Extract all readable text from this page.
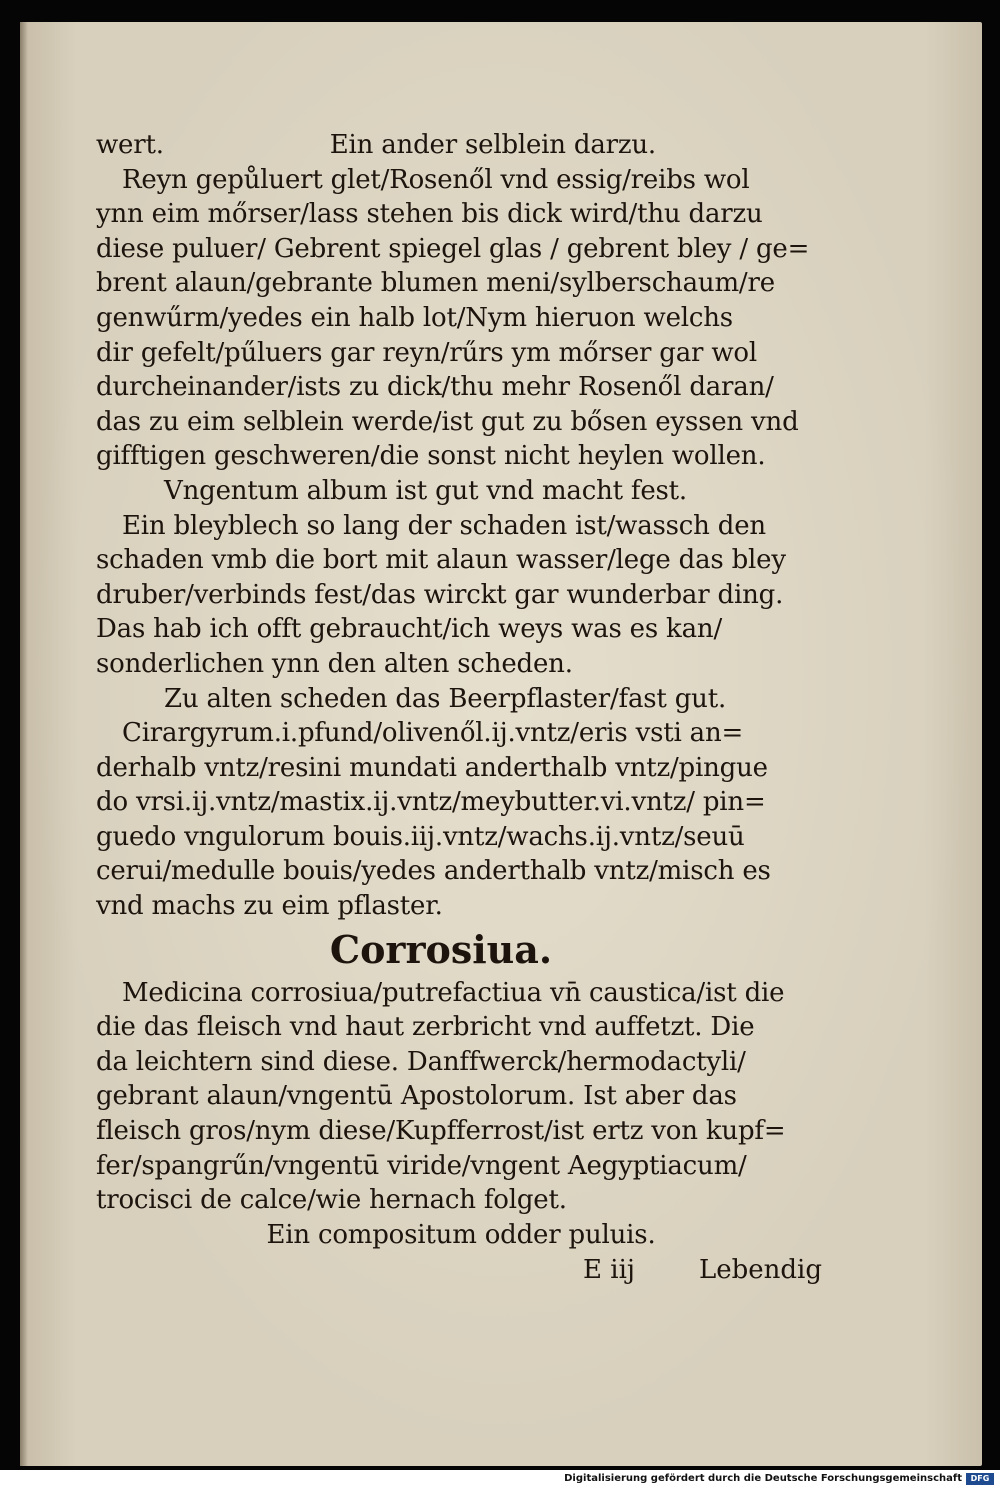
wert.	Ein ander selblein darzu.
Reyn gepůluert glet/Rosenől vnd essig/reibs wol
ynn eim mőrser/lass stehen bis dick wird/thu darzu
diese puluer/ Gebrent spiegel glas / gebrent bley / ge=
brent alaun/gebrante blumen meni/sylberschaum/re
genwűrm/yedes ein halb lot/Nym hieruon welchs
dir gefelt/pűluers gar reyn/rűrs ym mőrser gar wol
durcheinander/ists zu dick/thu mehr Rosenől daran/
das zu eim selblein werde/ist gut zu bősen eyssen vnd
gifftigen geschweren/die sonst nicht heylen wollen.
Vngentum album ist gut vnd macht fest.
Ein bleyblech so lang der schaden ist/wassch den
schaden vmb die bort mit alaun wasser/lege das bley
druber/verbinds fest/das wirckt gar wunderbar ding.
Das hab ich offt gebraucht/ich weys was es kan/
sonderlichen ynn den alten scheden.
Zu alten scheden das Beerpflaster/fast gut.
Cirargyrum.i.pfund/olivenől.ij.vntz/eris vsti an=
derhalb vntz/resini mundati anderthalb vntz/pingue
do vrsi.ij.vntz/mastix.ij.vntz/meybutter.vi.vntz/ pin=
guedo vngulorum bouis.iij.vntz/wachs.ij.vntz/seuū
cerui/medulle bouis/yedes anderthalb vntz/misch es
vnd machs zu eim pflaster.
Corrosiua.
Medicina corrosiua/putrefactiua vn̄ caustica/ist die
die das fleisch vnd haut zerbricht vnd auffetzt. Die
da leichtern sind diese. Danffwerck/hermodactyli/
gebrant alaun/vngentū Apostolorum. Ist aber das
fleisch gros/nym diese/Kupfferrost/ist ertz von kupf=
fer/spangrűn/vngentū viride/vngent Aegyptiacum/
trocisci de calce/wie hernach folget.
Ein compositum odder puluis.
E iij Lebendig
Digitalisierung gefördert durch die Deutsche Forschungsgemeinschaft	DFG
